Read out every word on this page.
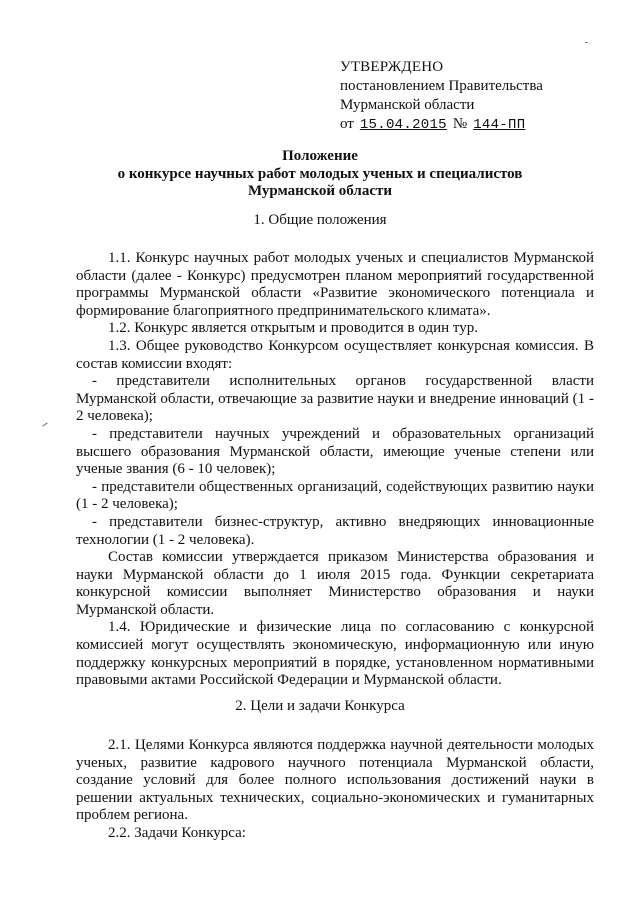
УТВЕРЖДЕНО
постановлением Правительства
Мурманской области
от 15.04.2015 № 144-ПП
Положение
о конкурсе научных работ молодых ученых и специалистов
Мурманской области
1. Общие положения

1.1. Конкурс научных работ молодых ученых и специалистов Мурманской области (далее - Конкурс) предусмотрен планом мероприятий государственной программы Мурманской области «Развитие экономического потенциала и формирование благоприятного предпринимательского климата».

1.2. Конкурс является открытым и проводится в один тур.

1.3. Общее руководство Конкурсом осуществляет конкурсная комиссия. В состав комиссии входят:

- представители исполнительных органов государственной власти Мурманской области, отвечающие за развитие науки и внедрение инноваций (1 - 2 человека);

- представители научных учреждений и образовательных организаций высшего образования Мурманской области, имеющие ученые степени или ученые звания (6 - 10 человек);

- представители общественных организаций, содействующих развитию науки (1 - 2 человека);

- представители бизнес-структур, активно внедряющих инновационные технологии (1 - 2 человека).

Состав комиссии утверждается приказом Министерства образования и науки Мурманской области до 1 июля 2015 года. Функции секретариата конкурсной комиссии выполняет Министерство образования и науки Мурманской области.

1.4. Юридические и физические лица по согласованию с конкурсной комиссией могут осуществлять экономическую, информационную или иную поддержку конкурсных мероприятий в порядке, установленном нормативными правовыми актами Российской Федерации и Мурманской области.

2. Цели и задачи Конкурса

2.1. Целями Конкурса являются поддержка научной деятельности молодых ученых, развитие кадрового научного потенциала Мурманской области, создание условий для более полного использования достижений науки в решении актуальных технических, социально-экономических и гуманитарных проблем региона.

2.2. Задачи Конкурса:
